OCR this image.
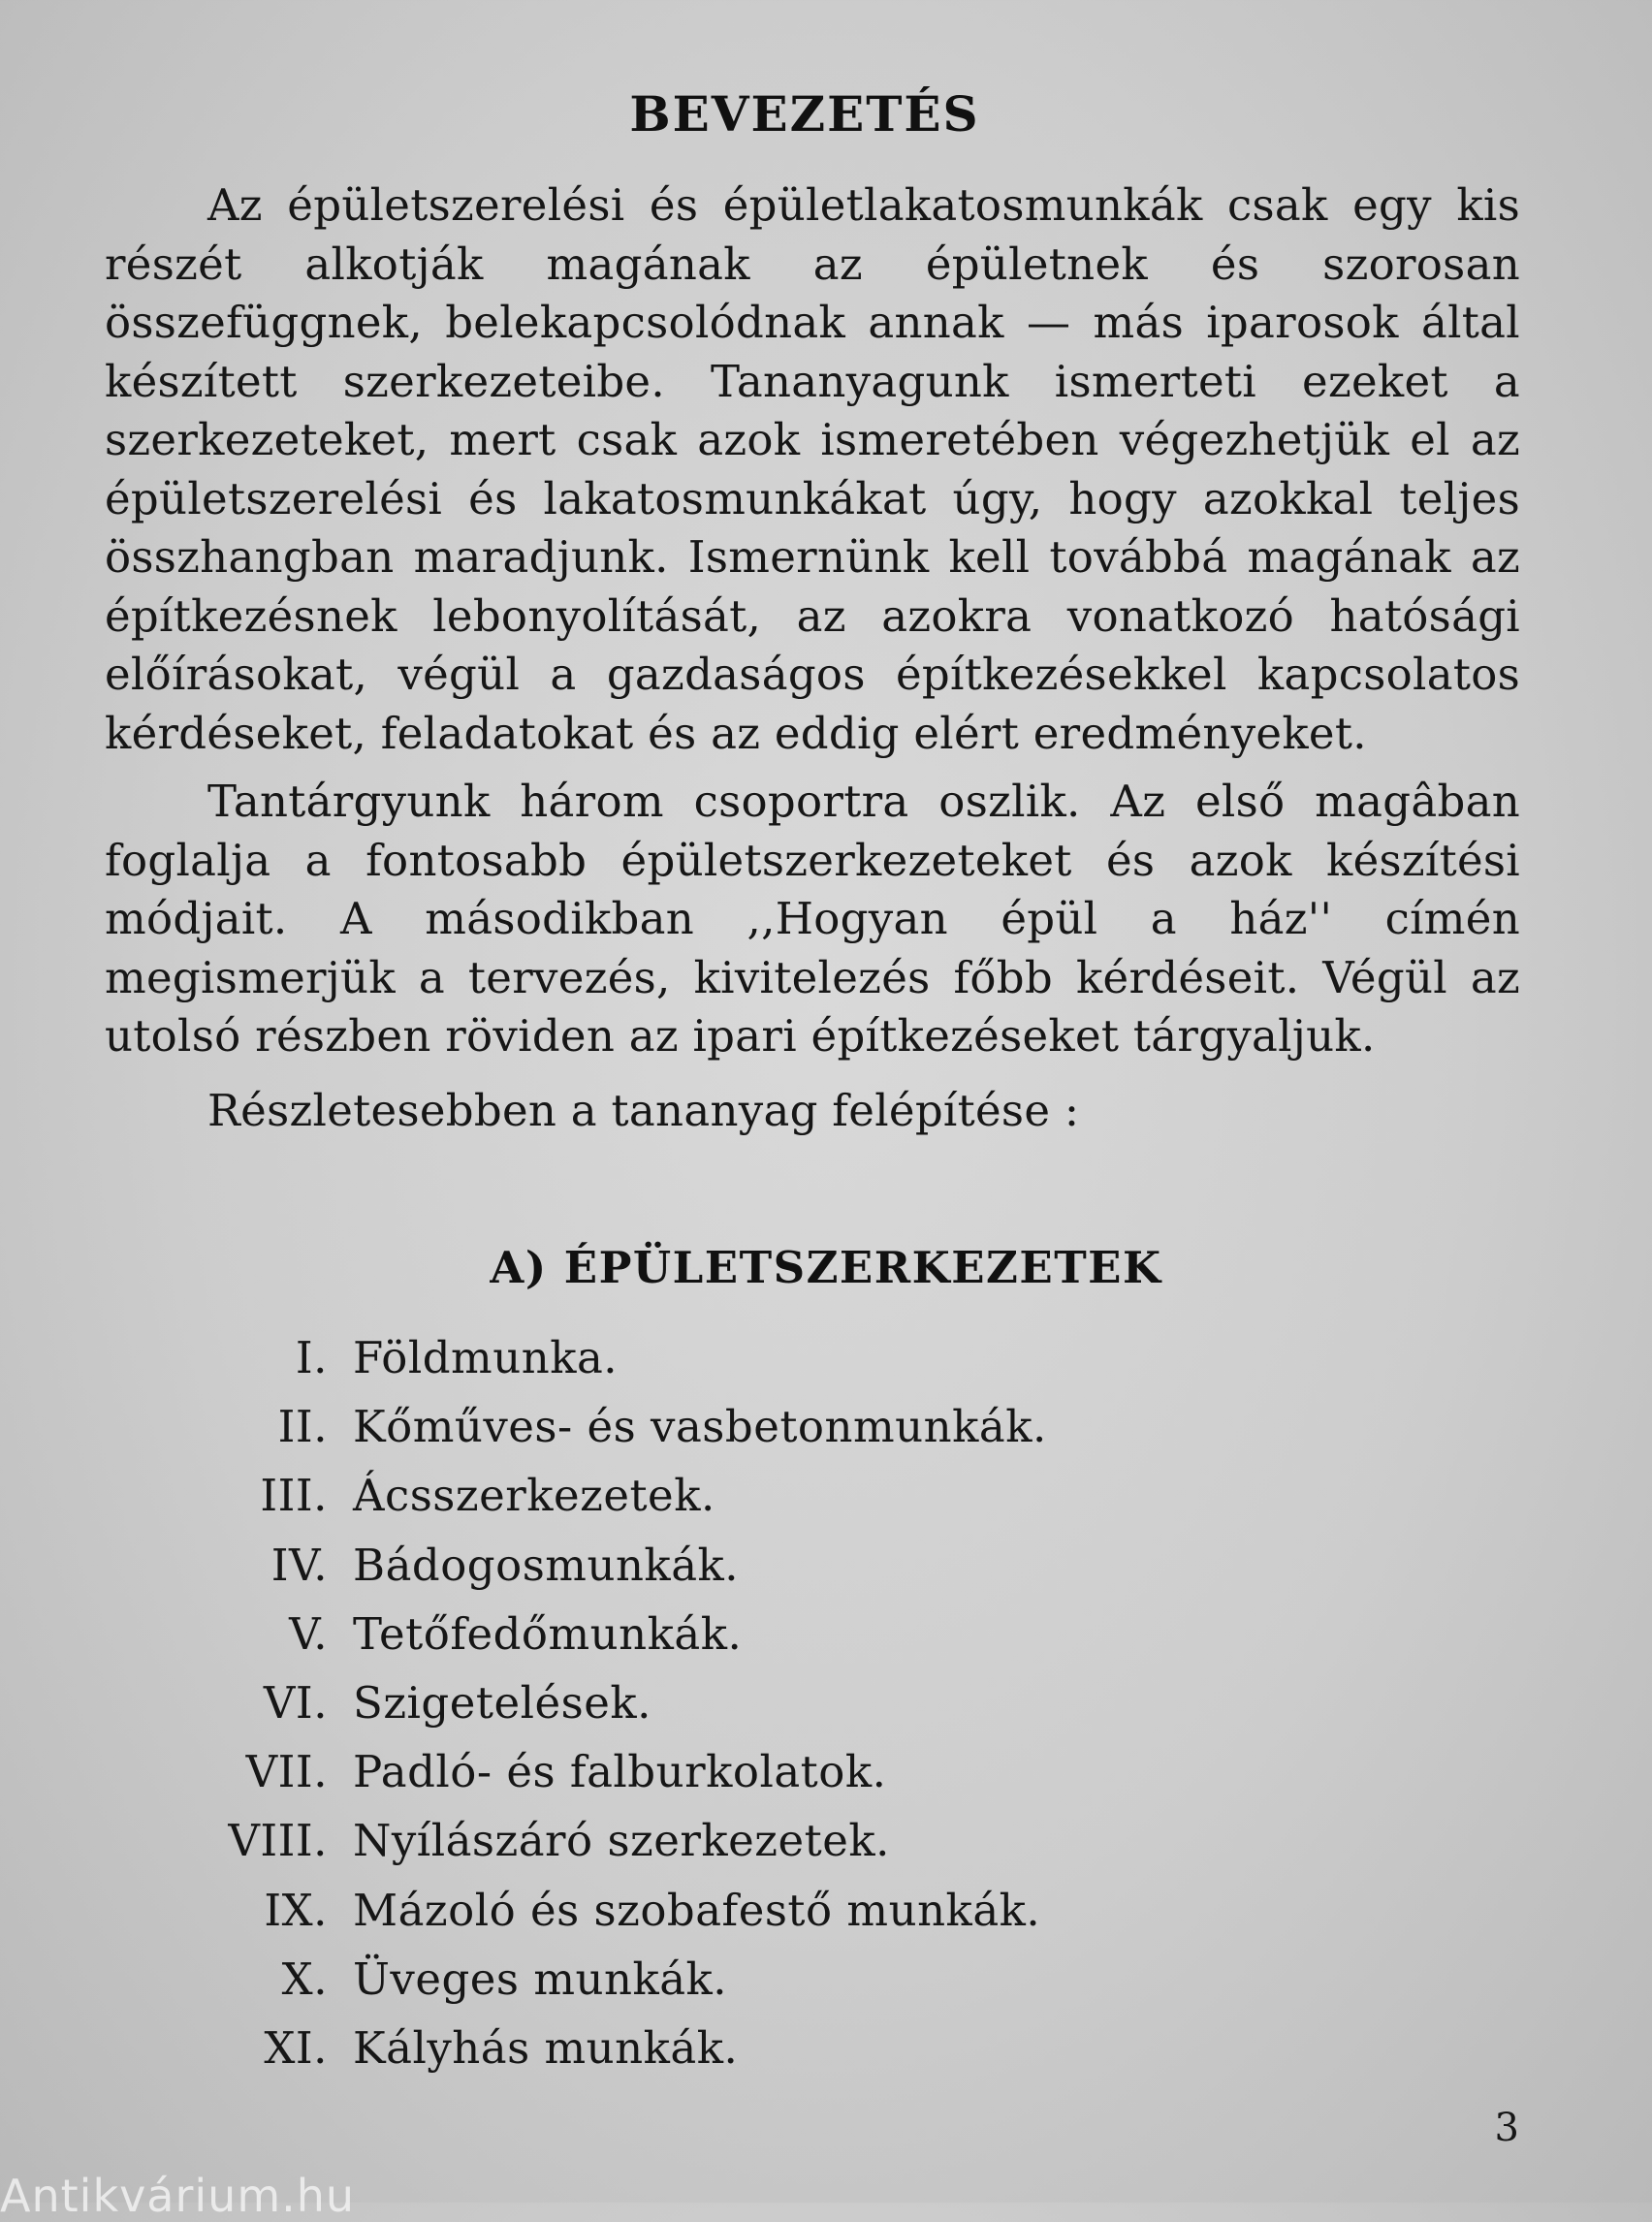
BEVEZETÉS

Az épületszerelési és épületlakatosmunkák csak egy kis részét alkotják magának az épületnek és szorosan összefüggnek, belekapcsolódnak annak — más iparosok által készített szerkezeteibe. Tananyagunk ismerteti ezeket a szerkezeteket, mert csak azok ismeretében végezhetjük el az épületszerelési és lakatosmunkákat úgy, hogy azokkal teljes összhangban maradjunk. Ismernünk kell továbbá magának az építkezésnek lebonyolítását, az azokra vonatkozó hatósági előírásokat, végül a gazdaságos építkezésekkel kapcsolatos kérdéseket, feladatokat és az eddig elért eredményeket.

Tantárgyunk három csoportra oszlik. Az első magâban foglalja a fontosabb épületszerkezeteket és azok készítési módjait. A másodikban ,,Hogyan épül a ház'' címén megismerjük a tervezés, kivitelezés főbb kérdéseit. Végül az utolsó részben röviden az ipari építkezéseket tárgyaljuk.

Részletesebben a tananyag felépítése :

A) ÉPÜLETSZERKEZETEK
I. Földmunka.
II. Kőműves- és vasbetonmunkák.
III. Ácsszerkezetek.
IV. Bádogosmunkák.
V. Tetőfedőmunkák.
VI. Szigetelések.
VII. Padló- és falburkolatok.
VIII. Nyílászáró szerkezetek.
IX. Mázoló és szobafestő munkák.
X. Üveges munkák.
XI. Kályhás munkák.
3
Antikvárium.hu
